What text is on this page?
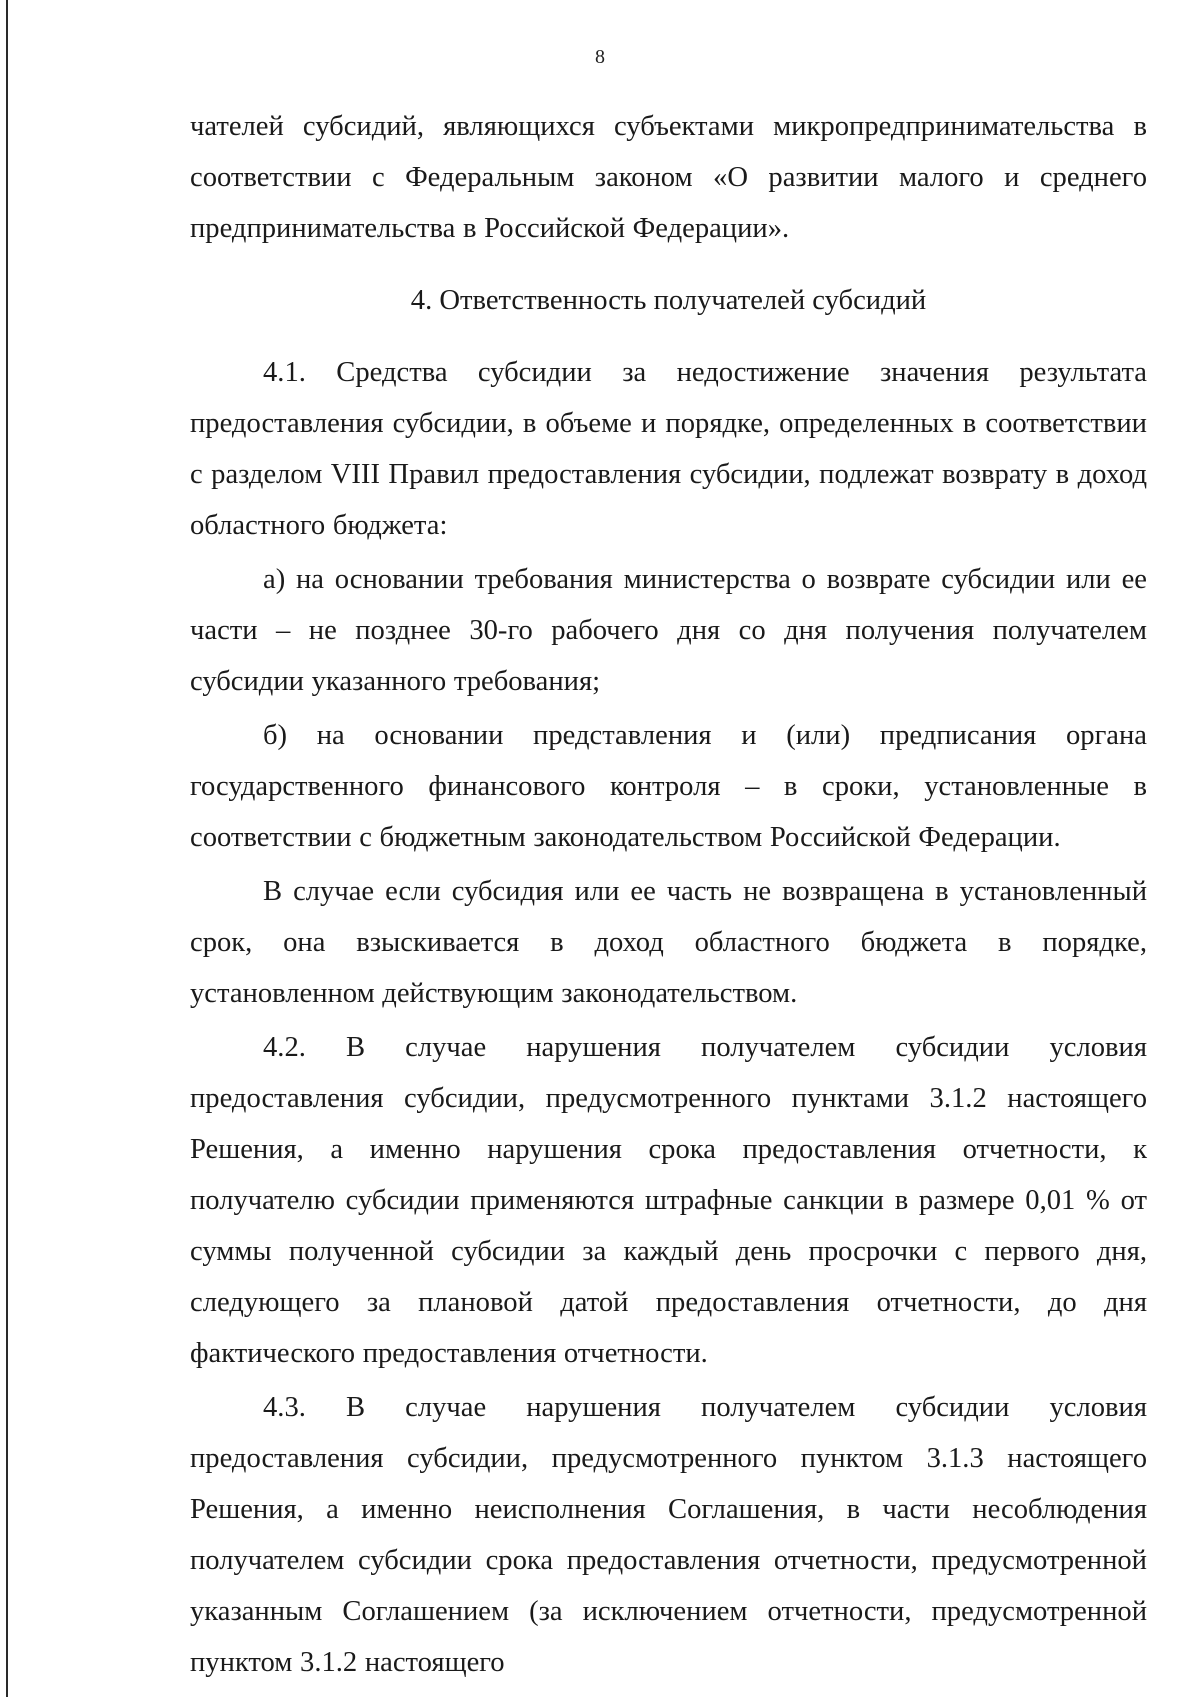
8

чателей субсидий, являющихся субъектами микропредпринимательства в соответствии с Федеральным законом «О развитии малого и среднего предпринимательства в Российской Федерации».

4. Ответственность получателей субсидий

4.1. Средства субсидии за недостижение значения результата предоставления субсидии, в объеме и порядке, определенных в соответствии с разделом VIII Правил предоставления субсидии, подлежат возврату в доход областного бюджета:

а) на основании требования министерства о возврате субсидии или ее части – не позднее 30-го рабочего дня со дня получения получателем субсидии указанного требования;

б) на основании представления и (или) предписания органа государственного финансового контроля – в сроки, установленные в соответствии с бюджетным законодательством Российской Федерации.

В случае если субсидия или ее часть не возвращена в установленный срок, она взыскивается в доход областного бюджета в порядке, установленном действующим законодательством.

4.2. В случае нарушения получателем субсидии условия предоставления субсидии, предусмотренного пунктами 3.1.2 настоящего Решения, а именно нарушения срока предоставления отчетности, к получателю субсидии применяются штрафные санкции в размере 0,01 % от суммы полученной субсидии за каждый день просрочки с первого дня, следующего за плановой датой предоставления отчетности, до дня фактического предоставления отчетности.

4.3. В случае нарушения получателем субсидии условия предоставления субсидии, предусмотренного пунктом 3.1.3 настоящего Решения, а именно неисполнения Соглашения, в части несоблюдения получателем субсидии срока предоставления отчетности, предусмотренной указанным Соглашением (за исключением отчетности, предусмотренной пунктом 3.1.2 настоящего
